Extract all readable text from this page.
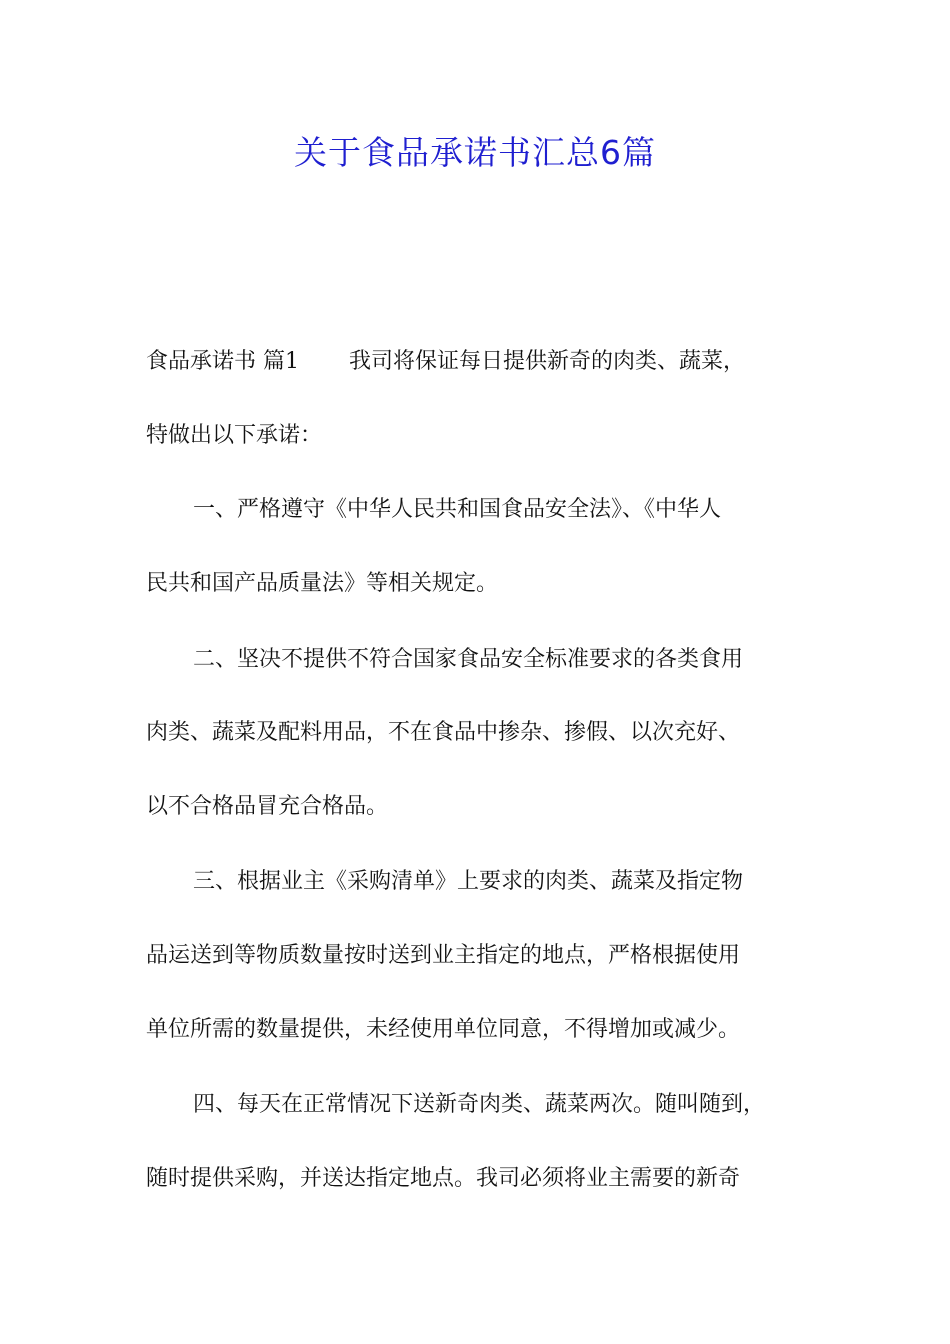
关于食品承诺书汇总6篇

食品承诺书 篇1 我司将保证每日提供新奇的肉类、蔬菜，

特做出以下承诺：

一、严格遵守《中华人民共和国食品安全法》、《中华人

民共和国产品质量法》等相关规定。

二、坚决不提供不符合国家食品安全标准要求的各类食用

肉类、蔬菜及配料用品，不在食品中掺杂、掺假、以次充好、

以不合格品冒充合格品。

三、根据业主《采购清单》上要求的肉类、蔬菜及指定物

品运送到等物质数量按时送到业主指定的地点，严格根据使用

单位所需的数量提供，未经使用单位同意，不得增加或减少。

四、每天在正常情况下送新奇肉类、蔬菜两次。随叫随到，

随时提供采购，并送达指定地点。我司必须将业主需要的新奇
